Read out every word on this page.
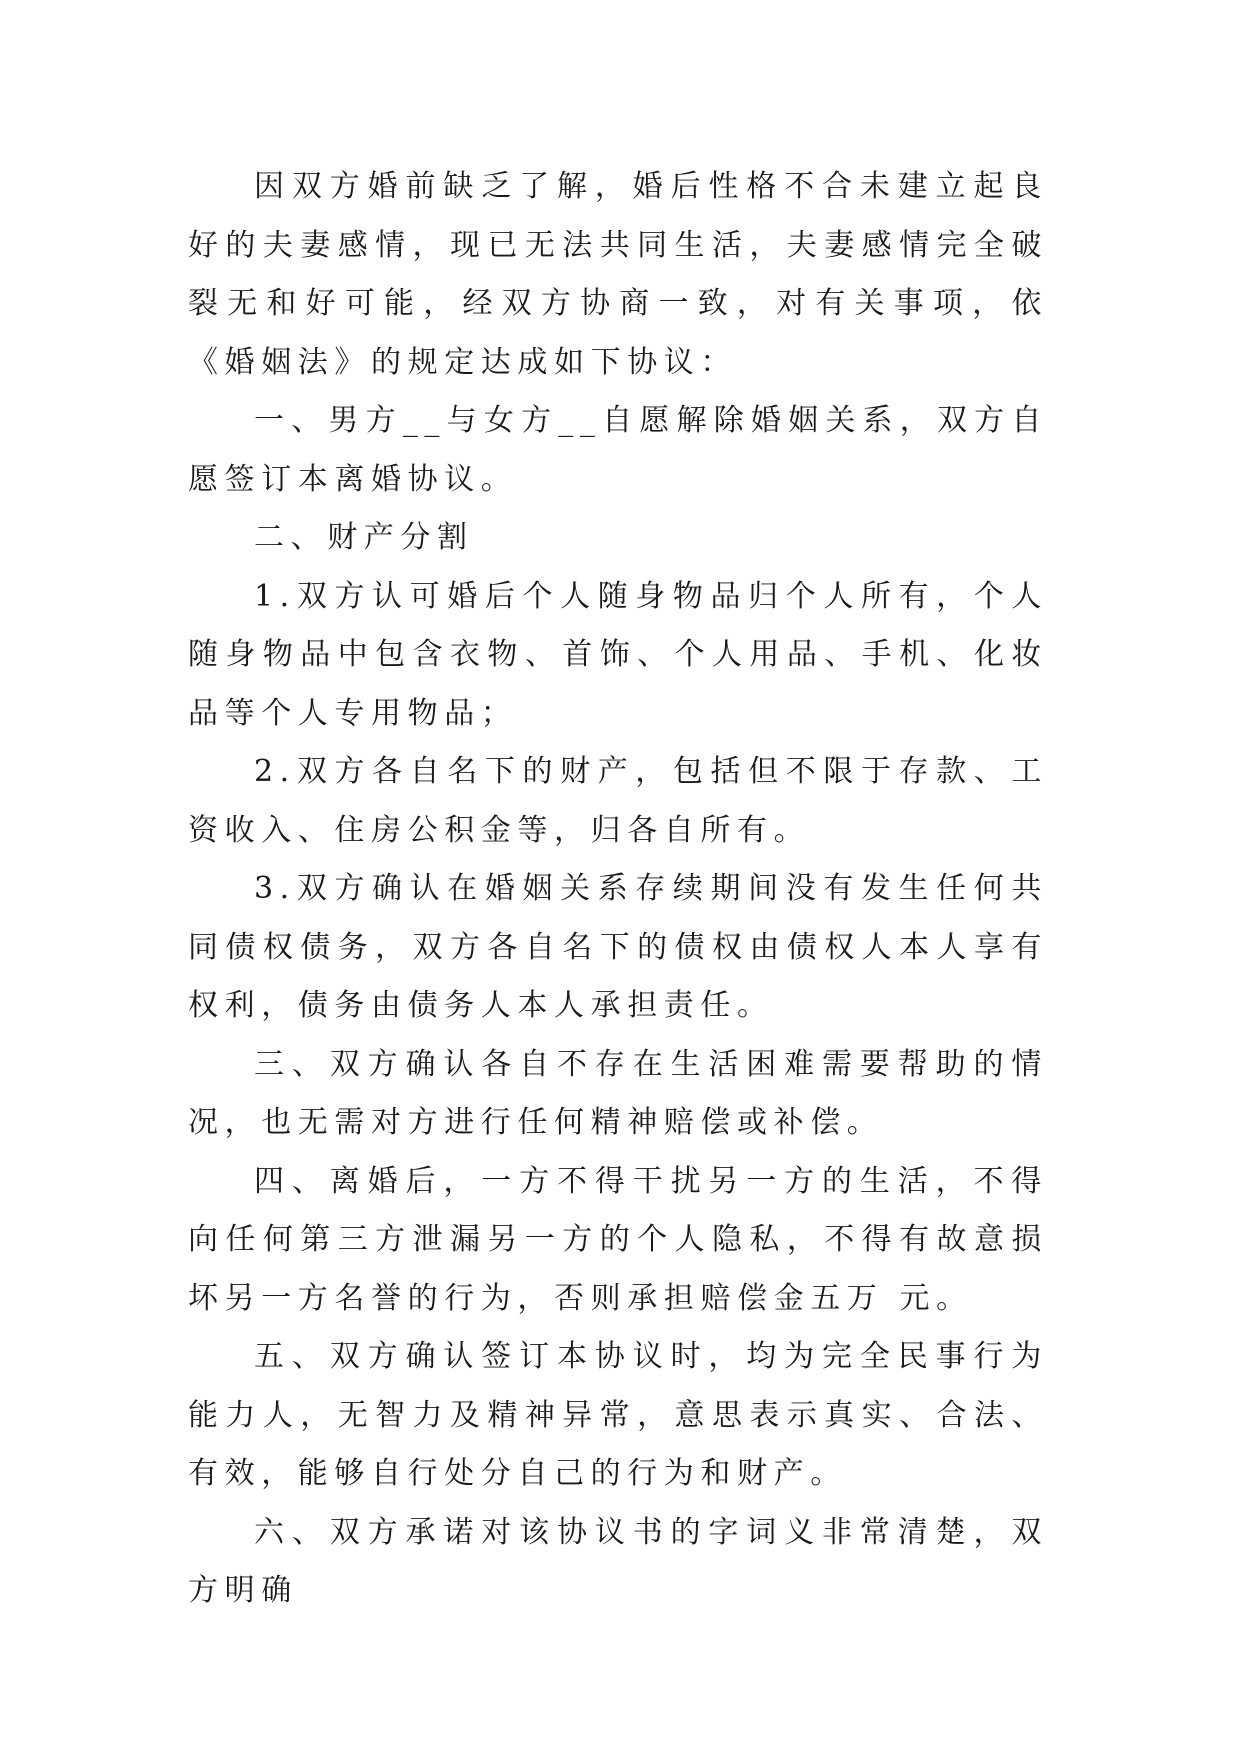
因双方婚前缺乏了解，婚后性格不合未建立起良好的夫妻感情，现已无法共同生活，夫妻感情完全破裂无和好可能，经双方协商一致，对有关事项，依《婚姻法》的规定达成如下协议：

一、男方__与女方__自愿解除婚姻关系，双方自愿签订本离婚协议。

二、财产分割

1.双方认可婚后个人随身物品归个人所有，个人随身物品中包含衣物、首饰、个人用品、手机、化妆品等个人专用物品；

2.双方各自名下的财产，包括但不限于存款、工资收入、住房公积金等，归各自所有。

3.双方确认在婚姻关系存续期间没有发生任何共同债权债务，双方各自名下的债权由债权人本人享有权利，债务由债务人本人承担责任。

三、双方确认各自不存在生活困难需要帮助的情况，也无需对方进行任何精神赔偿或补偿。

四、离婚后，一方不得干扰另一方的生活，不得向任何第三方泄漏另一方的个人隐私，不得有故意损坏另一方名誉的行为，否则承担赔偿金五万 元。

五、双方确认签订本协议时，均为完全民事行为能力人，无智力及精神异常，意思表示真实、合法、有效，能够自行处分自己的行为和财产。

六、双方承诺对该协议书的字词义非常清楚，双方明确
